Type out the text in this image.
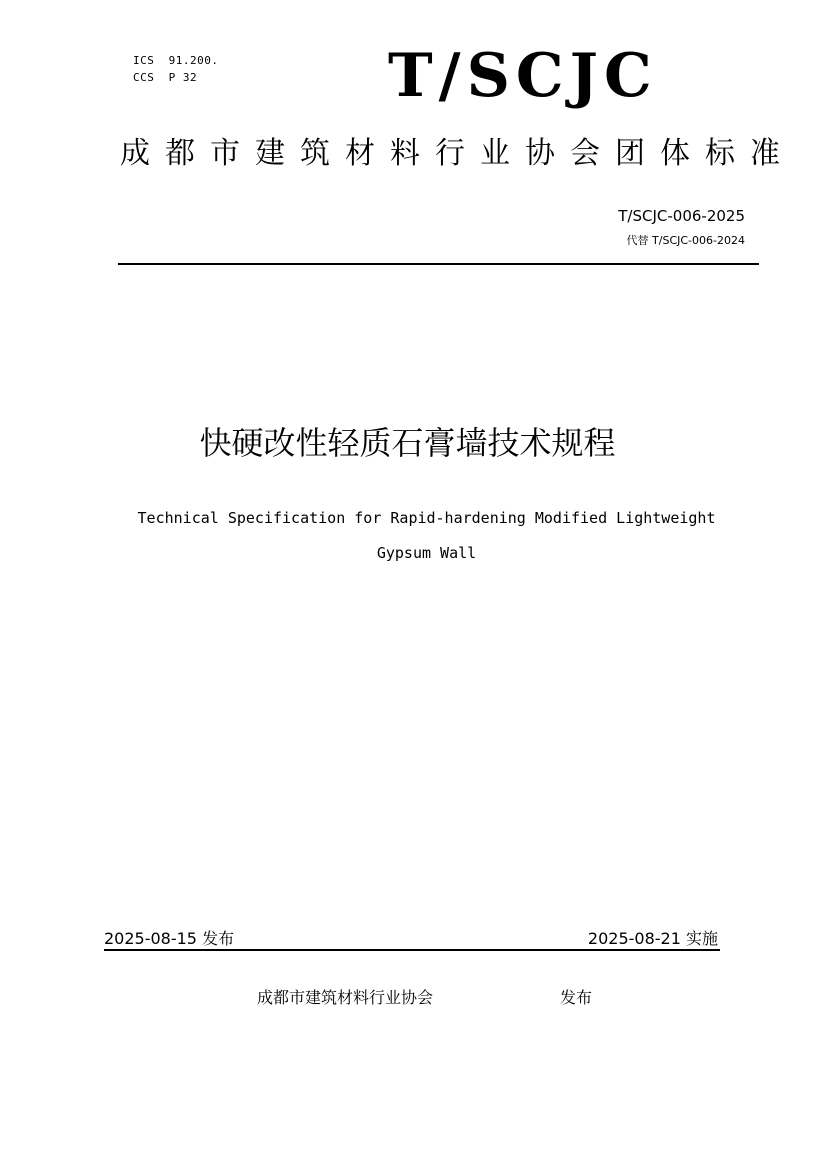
ICS  91.200.
CCS  P 32	T/SCJC
成都市建筑材料行业协会团体标准
T/SCJC-006-2025
代替 T/SCJC-006-2024
快硬改性轻质石膏墙技术规程
Technical Specification for Rapid-hardening Modified Lightweight
Gypsum Wall
2025-08-15 发布	2025-08-21 实施
成都市建筑材料行业协会	发布
